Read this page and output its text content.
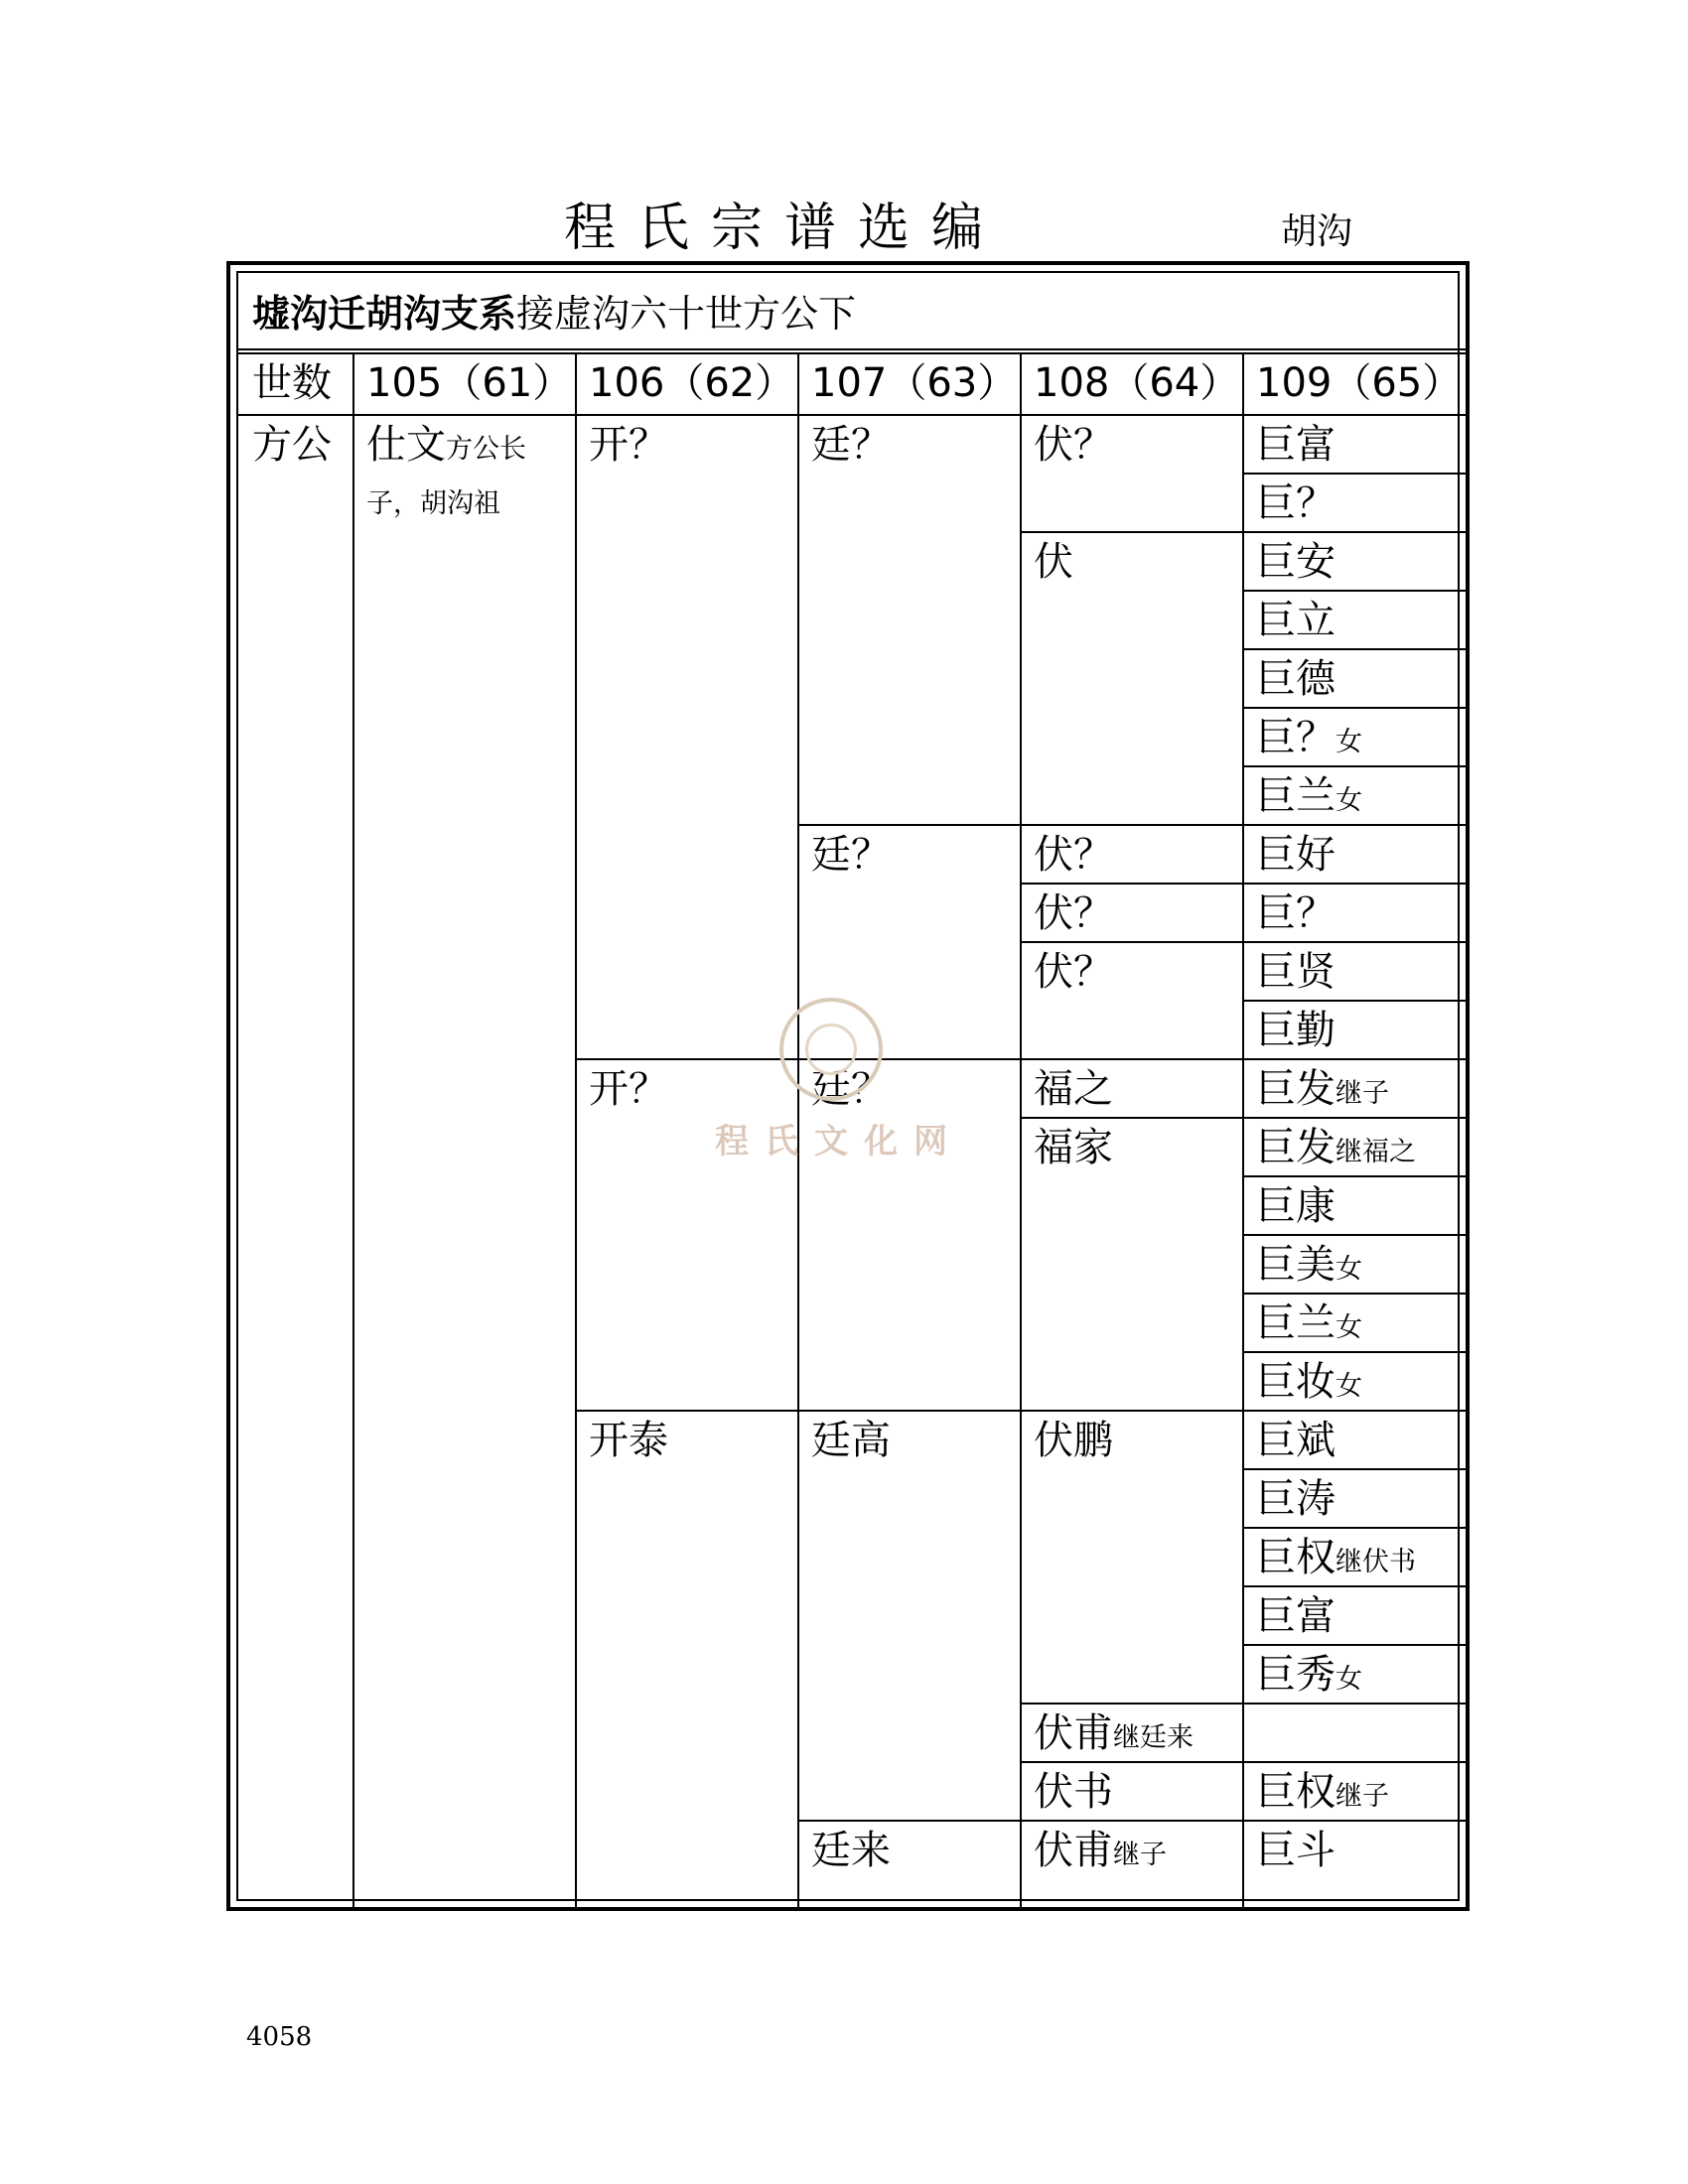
程氏宗谱选编	胡沟
墟沟迁胡沟支系接虚沟六十世方公下
世数 105（61） 106（62） 107（63） 108（64） 109（65）
方公 仕文方公长
子，胡沟祖
开？
开？
开泰
廷？
廷？
廷？
廷高
廷来
伏？
伏
伏？
伏？
伏？
福之
福家
伏鹏
伏甫继廷来
伏书
伏甫继子
巨富
巨？
巨安
巨立
巨德
巨？女
巨兰女
巨好
巨？
巨贤
巨勤
巨发继子
巨发继福之
巨康
巨美女
巨兰女
巨妆女
巨斌
巨涛
巨权继伏书
巨富
巨秀女
巨权继子
巨斗
程氏文化网
4058
